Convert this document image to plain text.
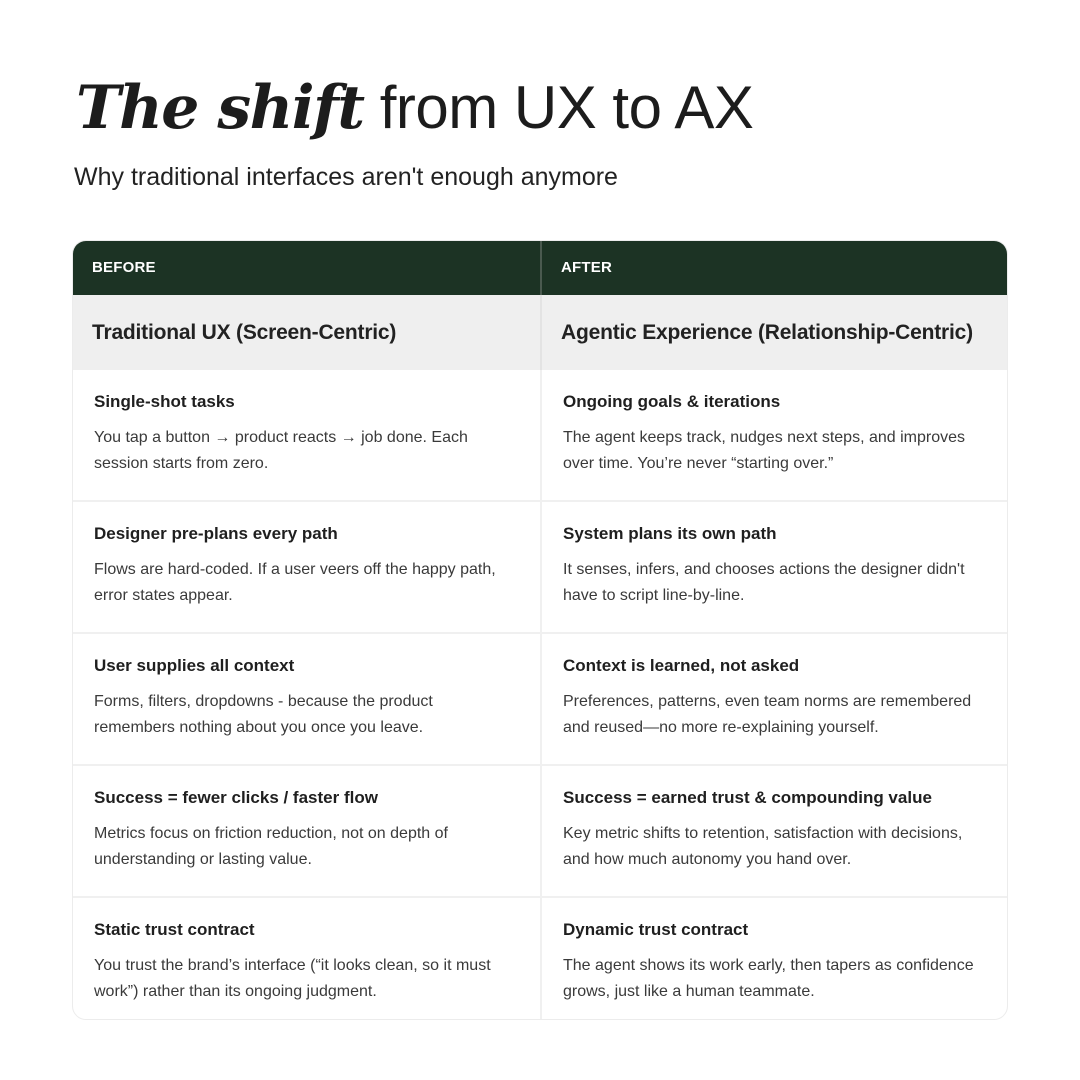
The shift from UX to AX

Why traditional interfaces aren't enough anymore

BEFORE	AFTER
Traditional UX (Screen-Centric)	Agentic Experience (Relationship-Centric)

Single-shot tasks

You tap a button → product reacts → job done. Each session starts from zero.

Ongoing goals & iterations

The agent keeps track, nudges next steps, and improves over time. You’re never “starting over.”

Designer pre-plans every path

Flows are hard-coded. If a user veers off the happy path, error states appear.

System plans its own path

It senses, infers, and chooses actions the designer didn't have to script line-by-line.

User supplies all context

Forms, filters, dropdowns - because the product remembers nothing about you once you leave.

Context is learned, not asked

Preferences, patterns, even team norms are remembered and reused—no more re-explaining yourself.

Success = fewer clicks / faster flow

Metrics focus on friction reduction, not on depth of understanding or lasting value.

Success = earned trust & compounding value

Key metric shifts to retention, satisfaction with decisions, and how much autonomy you hand over.

Static trust contract

You trust the brand’s interface (“it looks clean, so it must work”) rather than its ongoing judgment.

Dynamic trust contract

The agent shows its work early, then tapers as confidence grows, just like a human teammate.
